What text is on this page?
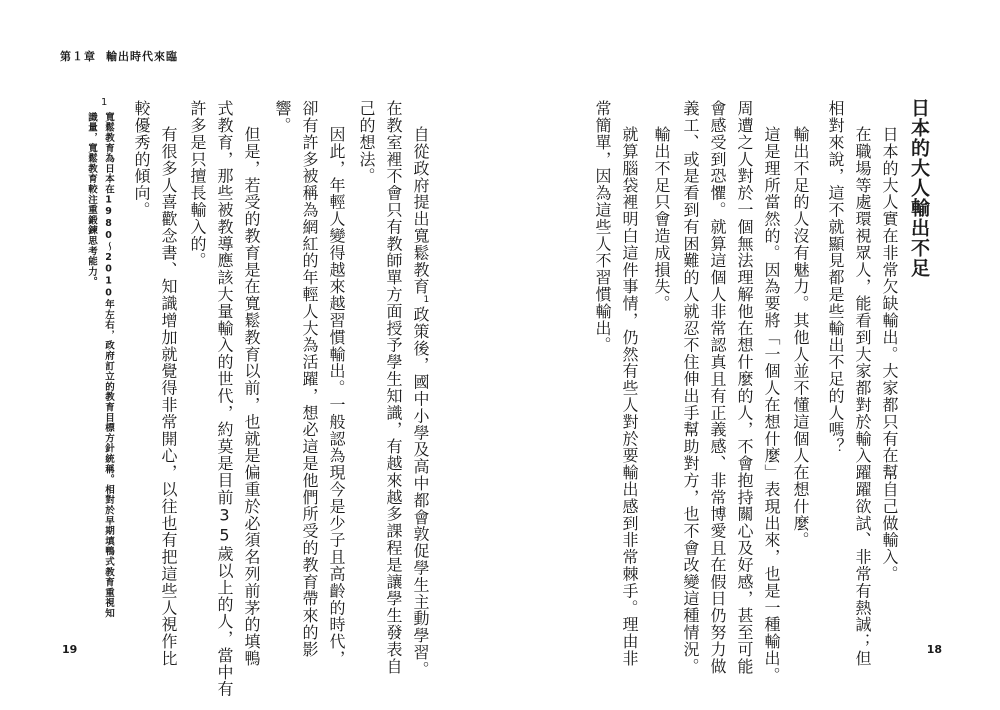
第１章 輸出時代來臨
日本的大人輸出不足
日本的大人實在非常欠缺輸出。大家都只有在幫自己做輸入。
在職場等處環視眾人，能看到大家都對於輸入躍躍欲試、非常有熱誠；但
相對來說，這不就顯見都是些輸出不足的人嗎？
輸出不足的人沒有魅力。其他人並不懂這個人在想什麼。
這是理所當然的。因為要將「一個人在想什麼」表現出來，也是一種輸出。
周遭之人對於一個無法理解他在想什麼的人，不會抱持關心及好感，甚至可能
會感受到恐懼。就算這個人非常認真且有正義感、非常博愛且在假日仍努力做
義工、或是看到有困難的人就忍不住伸出手幫助對方，也不會改變這種情況。
輸出不足只會造成損失。
就算腦袋裡明白這件事情，仍然有些人對於要輸出感到非常棘手。理由非
常簡單，因為這些人不習慣輸出。
自從政府提出寬鬆教育$^1$政策後，國中小學及高中都會敦促學生主動學習。
在教室裡不會只有教師單方面授予學生知識，有越來越多課程是讓學生發表自
己的想法。
因此，年輕人變得越來越習慣輸出。一般認為現今是少子且高齡的時代，
卻有許多被稱為網紅的年輕人大為活躍，想必這是他們所受的教育帶來的影
響。
但是，若受的教育是在寬鬆教育以前，也就是偏重於必須名列前茅的填鴨
式教育，那些被教導應該大量輸入的世代，約莫是目前35歲以上的人，當中有
許多是只擅長輸入的。
有很多人喜歡念書、知識增加就覺得非常開心，以往也有把這些人視作比
較優秀的傾向。
1
寬鬆教育為日本在1980～2010年左右，政府訂立的教育目標方針統稱。相對於早期填鴨式教育重視知
識量，寬鬆教育較注重鍛鍊思考能力。
19	18
